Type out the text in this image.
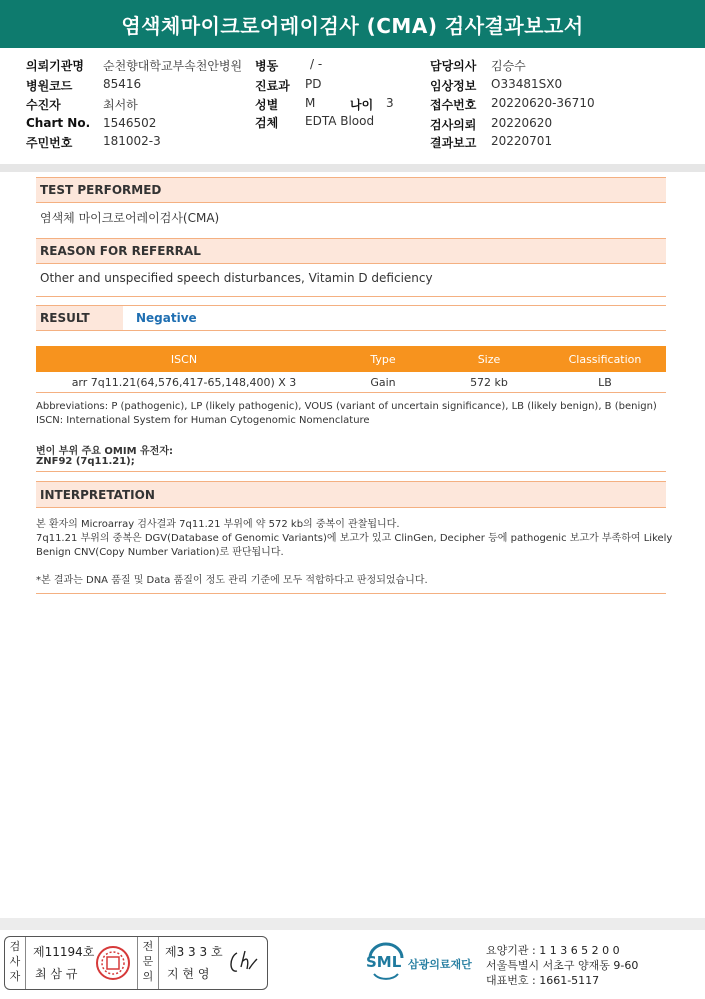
염색체마이크로어레이검사 (CMA) 검사결과보고서
의뢰기관명 순천향대학교부속천안병원
병원코드	85416
수진자	최서하
Chart No. 1546502
주민번호	181002-3
병동	/ -
진료과 PD
성별 M	나이 3
검체 EDTA Blood
담당의사 김승수
임상정보 O33481SX0
접수번호 20220620-36710
검사의뢰 20220620
결과보고 20220701
TEST PERFORMED
염색체 마이크로어레이검사(CMA)
REASON FOR REFERRAL
Other and unspecified speech disturbances, Vitamin D deficiency
RESULT	Negative
ISCN	Type	Size	Classification
arr 7q11.21(64,576,417-65,148,400) X 3	Gain	572 kb	LB
Abbreviations: P (pathogenic), LP (likely pathogenic), VOUS (variant of uncertain significance), LB (likely benign), B (benign)
ISCN: International System for Human Cytogenomic Nomenclature
변이 부위 주요 OMIM 유전자:
ZNF92 (7q11.21);
INTERPRETATION
본 환자의 Microarray 검사결과 7q11.21 부위에 약 572 kb의 중복이 관찰됩니다.
7q11.21 부위의 중복은 DGV(Database of Genomic Variants)에 보고가 있고 ClinGen, Decipher 등에 pathogenic 보고가 부족하여 Likely
Benign CNV(Copy Number Variation)로 판단됩니다.
*본 결과는 DNA 품질 및 Data 품질이 정도 관리 기준에 모두 적합하다고 판정되었습니다.
검사자
제11194호
최 삼 규
전문의
제3 3 3 호
지 현 영
SML 삼광의료재단
요양기관 : 1 1 3 6 5 2 0 0
서울특별시 서초구 양재동 9-60
대표번호 : 1661-5117
